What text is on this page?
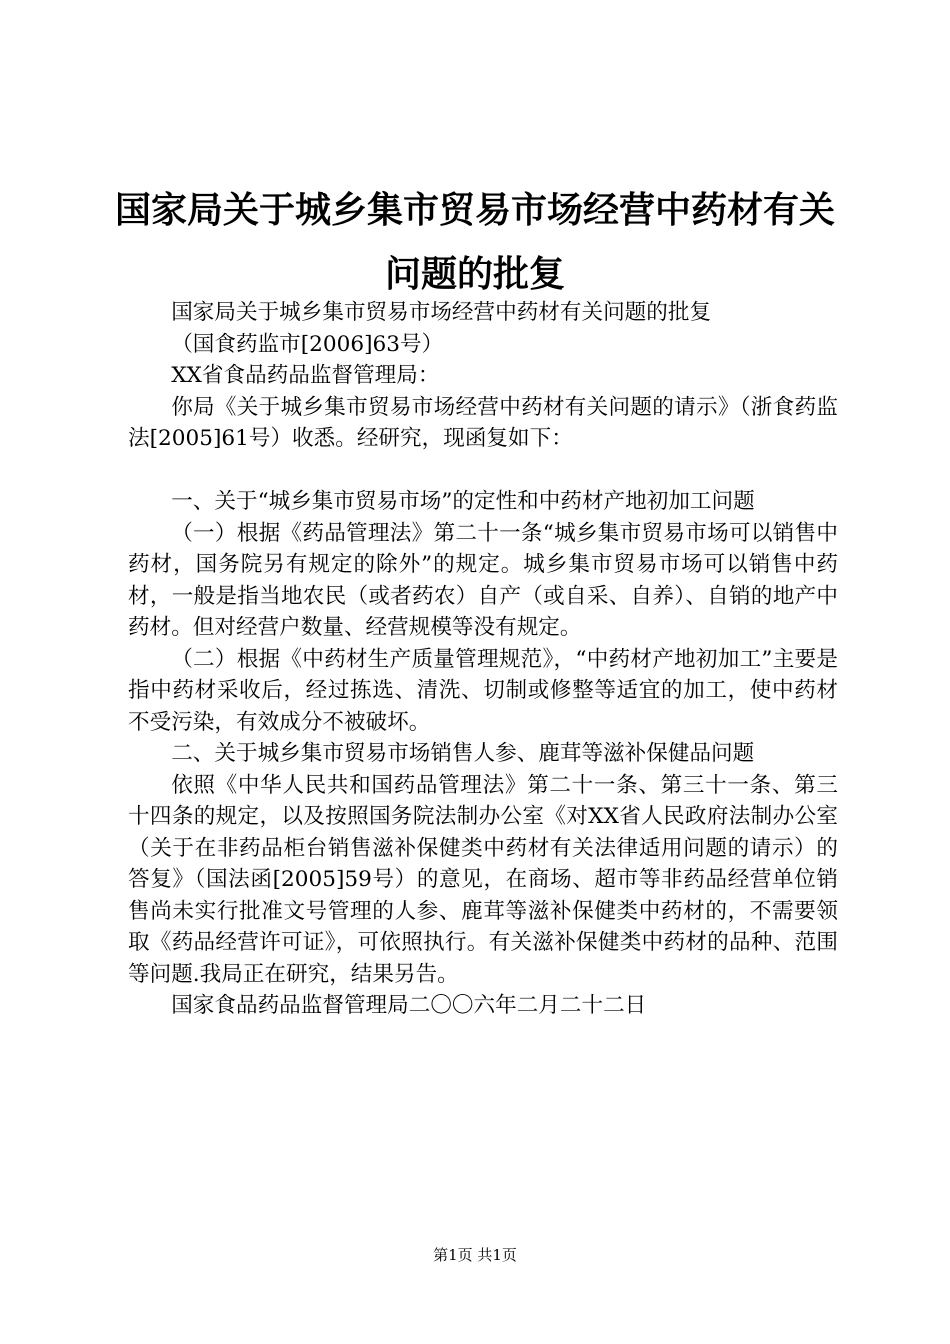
国家局关于城乡集市贸易市场经营中药材有关
问题的批复

国家局关于城乡集市贸易市场经营中药材有关问题的批复

（国食药监市[2006]63号）

XX省食品药品监督管理局：

你局《关于城乡集市贸易市场经营中药材有关问题的请示》（浙食药监法[2005]61号）收悉。经研究，现函复如下：

一、关于“城乡集市贸易市场”的定性和中药材产地初加工问题

（一）根据《药品管理法》第二十一条“城乡集市贸易市场可以销售中药材，国务院另有规定的除外”的规定。城乡集市贸易市场可以销售中药材，一般是指当地农民（或者药农）自产（或自采、自养）、自销的地产中药材。但对经营户数量、经营规模等没有规定。

（二）根据《中药材生产质量管理规范》，“中药材产地初加工”主要是指中药材采收后，经过拣选、清洗、切制或修整等适宜的加工，使中药材不受污染，有效成分不被破坏。

二、关于城乡集市贸易市场销售人参、鹿茸等滋补保健品问题

依照《中华人民共和国药品管理法》第二十一条、第三十一条、第三十四条的规定，以及按照国务院法制办公室《对XX省人民政府法制办公室（关于在非药品柜台销售滋补保健类中药材有关法律适用问题的请示）的答复》（国法函[2005]59号）的意见，在商场、超市等非药品经营单位销售尚未实行批准文号管理的人参、鹿茸等滋补保健类中药材的，不需要领取《药品经营许可证》，可依照执行。有关滋补保健类中药材的品种、范围等问题.我局正在研究，结果另告。

国家食品药品监督管理局二〇〇六年二月二十二日

第1页 共1页
